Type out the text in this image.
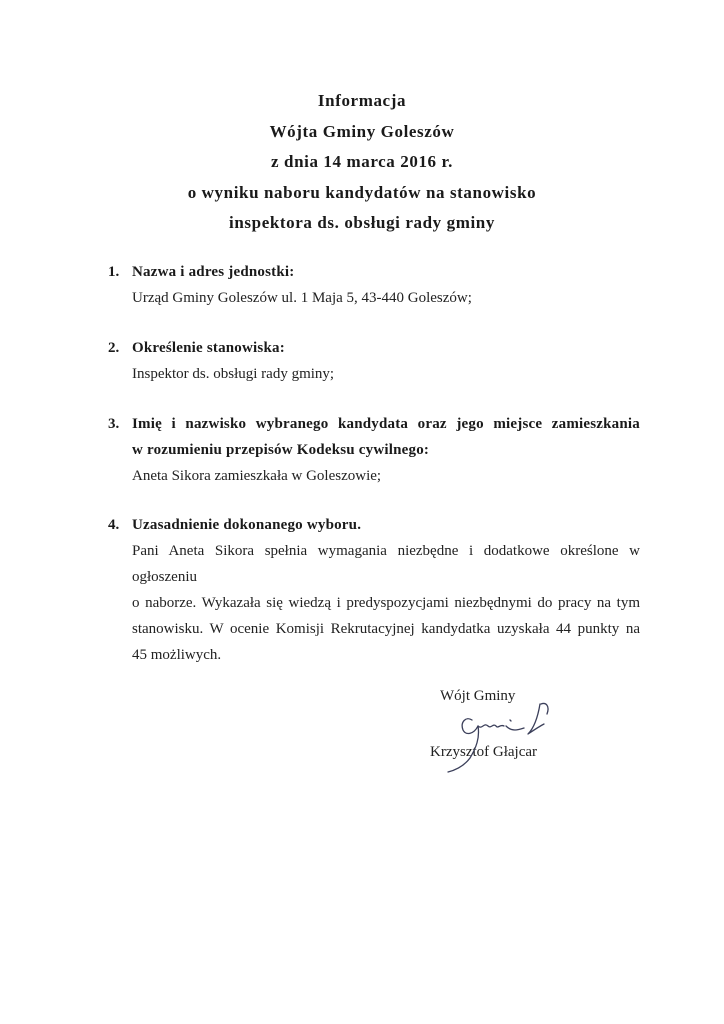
Informacja
Wójta Gminy Goleszów
z dnia 14 marca 2016 r.
o wyniku naboru kandydatów na stanowisko
inspektora ds. obsługi rady gminy
1. Nazwa i adres jednostki:
Urząd Gminy Goleszów ul. 1 Maja 5, 43-440 Goleszów;
2. Określenie stanowiska:
Inspektor ds. obsługi rady gminy;
3. Imię i nazwisko wybranego kandydata oraz jego miejsce zamieszkania
w rozumieniu przepisów Kodeksu cywilnego:
Aneta Sikora zamieszkała w Goleszowie;
4. Uzasadnienie dokonanego wyboru.
Pani Aneta Sikora spełnia wymagania niezbędne i dodatkowe określone w ogłoszeniu
o naborze. Wykazała się wiedzą i predyspozycjami niezbędnymi do pracy na tym
stanowisku. W ocenie Komisji Rekrutacyjnej kandydatka uzyskała 44 punkty na
45 możliwych.
Wójt Gminy
Krzysztof Głajcar
